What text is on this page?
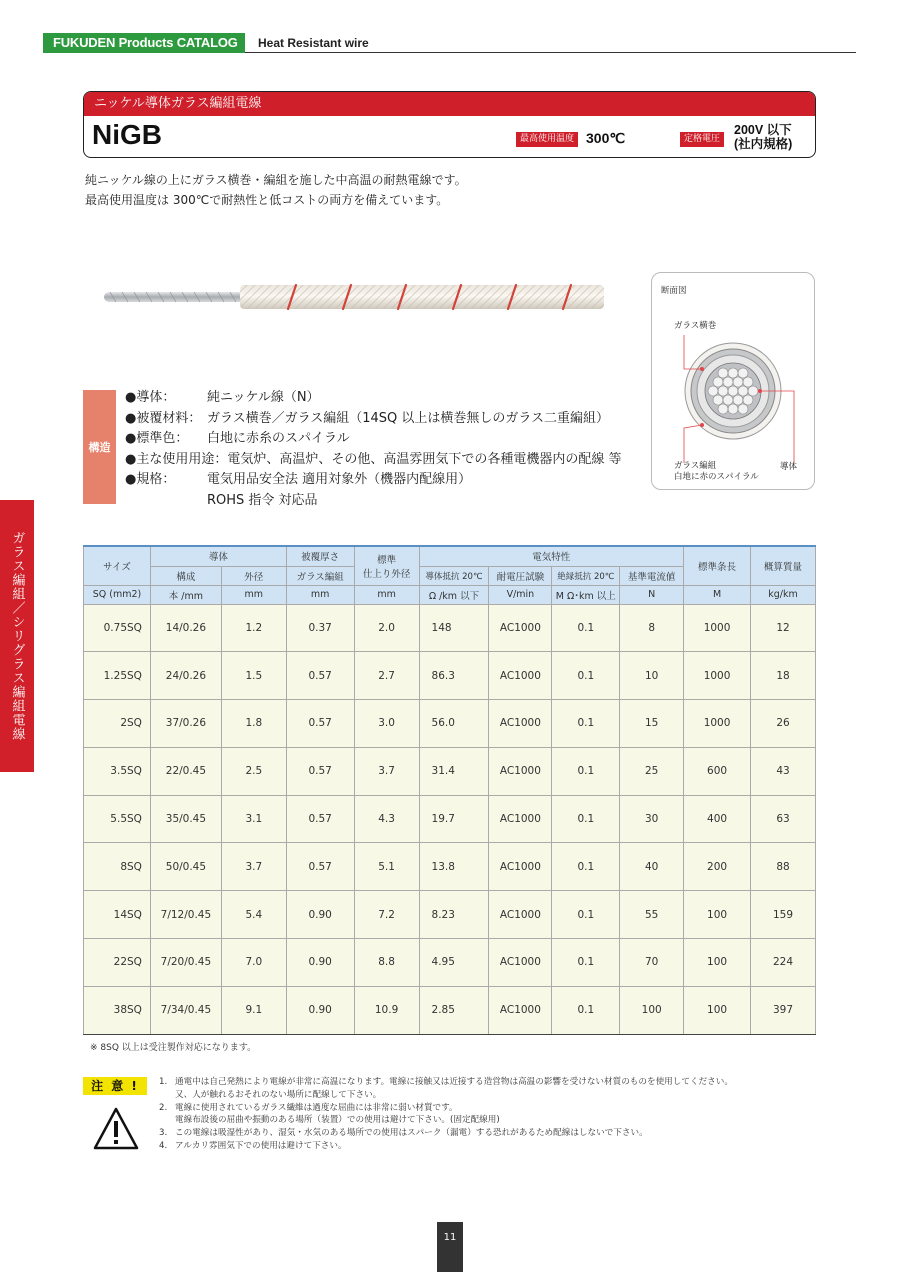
FUKUDEN Products CATALOG	Heat Resistant wire
ニッケル導体ガラス編組電線
NiGB	最高使用温度 300℃	定格電圧
200V 以下
(社内規格)
純ニッケル線の上にガラス横巻・編組を施した中高温の耐熱電線です。
最高使用温度は 300℃で耐熱性と低コストの両方を備えています。
断面図
ガラス横巻
ガラス編組
白地に赤のスパイラル
導体
構造
●導体： 純ニッケル線（N）
●被覆材料： ガラス横巻／ガラス編組（14SQ 以上は横巻無しのガラス二重編組）
●標準色： 白地に赤糸のスパイラル
●主な使用用途：電気炉、高温炉、その他、高温雰囲気下での各種電機器内の配線 等
●規格： 電気用品安全法 適用対象外（機器内配線用）
ROHS 指令 対応品
ガラス編組／シリグラス編組電線	サイズ	導体		被覆厚さ	標準
仕上り外径	電気特性				標準条長	概算質量
	構成	外径	ガラス編組		導体抵抗 20℃	耐電圧試験	絶縁抵抗 20℃	基準電流値		
SQ (mm2)	本 /mm	mm	mm	mm	Ω /km 以下	V/min	M Ω･km 以上	N	M	kg/km
0.75SQ	14/0.26	1.2	0.37	2.0	148	AC1000	0.1	8	1000	12
1.25SQ	24/0.26	1.5	0.57	2.7	86.3	AC1000	0.1	10	1000	18
2SQ	37/0.26	1.8	0.57	3.0	56.0	AC1000	0.1	15	1000	26
3.5SQ	22/0.45	2.5	0.57	3.7	31.4	AC1000	0.1	25	600	43
5.5SQ	35/0.45	3.1	0.57	4.3	19.7	AC1000	0.1	30	400	63
8SQ	50/0.45	3.7	0.57	5.1	13.8	AC1000	0.1	40	200	88
14SQ	7/12/0.45	5.4	0.90	7.2	8.23	AC1000	0.1	55	100	159
22SQ	7/20/0.45	7.0	0.90	8.8	4.95	AC1000	0.1	70	100	224
38SQ	7/34/0.45	9.1	0.90	10.9	2.85	AC1000	0.1	100	100	397
※ 8SQ 以上は受注製作対応になります。
注 意 !	1. 通電中は自己発熱により電線が非常に高温になります。電線に接触又は近接する造営物は高温の影響を受けない材質のものを使用してください。
又、人が触れるおそれのない場所に配線して下さい。
2. 電線に使用されているガラス繊維は過度な屈曲には非常に弱い材質です。
電線布設後の屈曲や振動のある場所（装置）での使用は避けて下さい。(固定配線用)
3. この電線は吸湿性があり、湿気・水気のある場所での使用はスパーク（漏電）する恐れがあるため配線はしないで下さい。
4. アルカリ雰囲気下での使用は避けて下さい。
11
